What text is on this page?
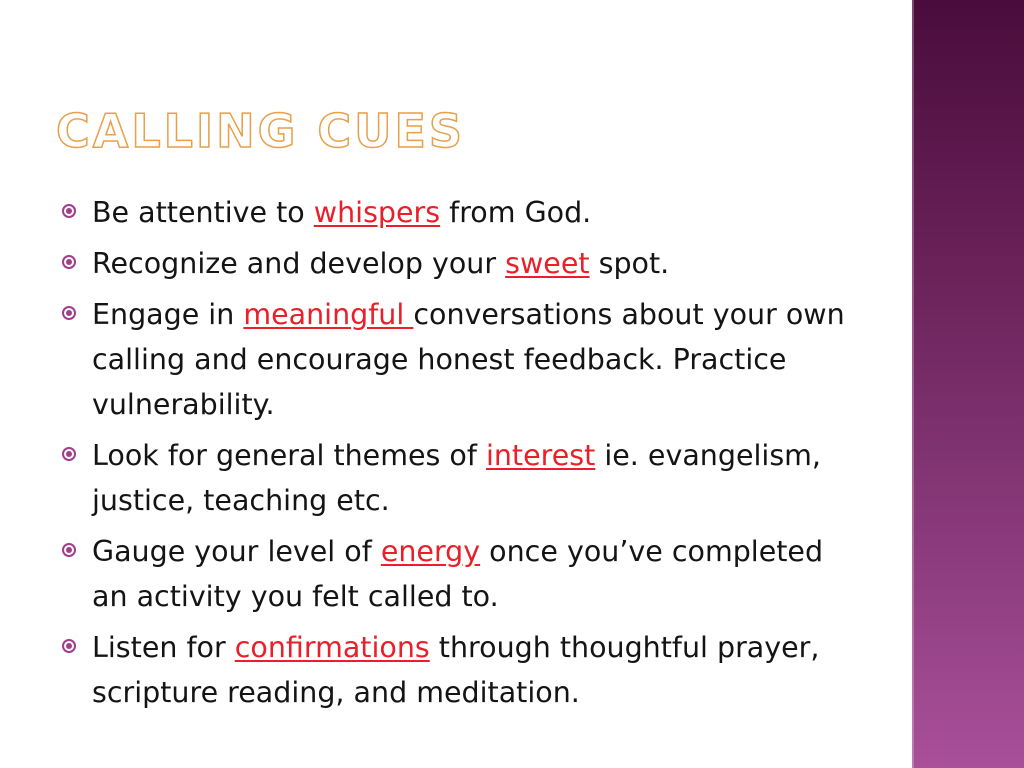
CALLING CUES
Be attentive to whispers from God.
Recognize and develop your sweet spot.
Engage in meaningful conversations about your own calling and encourage honest feedback. Practice vulnerability.
Look for general themes of interest ie. evangelism, justice, teaching etc.
Gauge your level of energy once you’ve completed an activity you felt called to.
Listen for confirmations through thoughtful prayer, scripture reading, and meditation.
